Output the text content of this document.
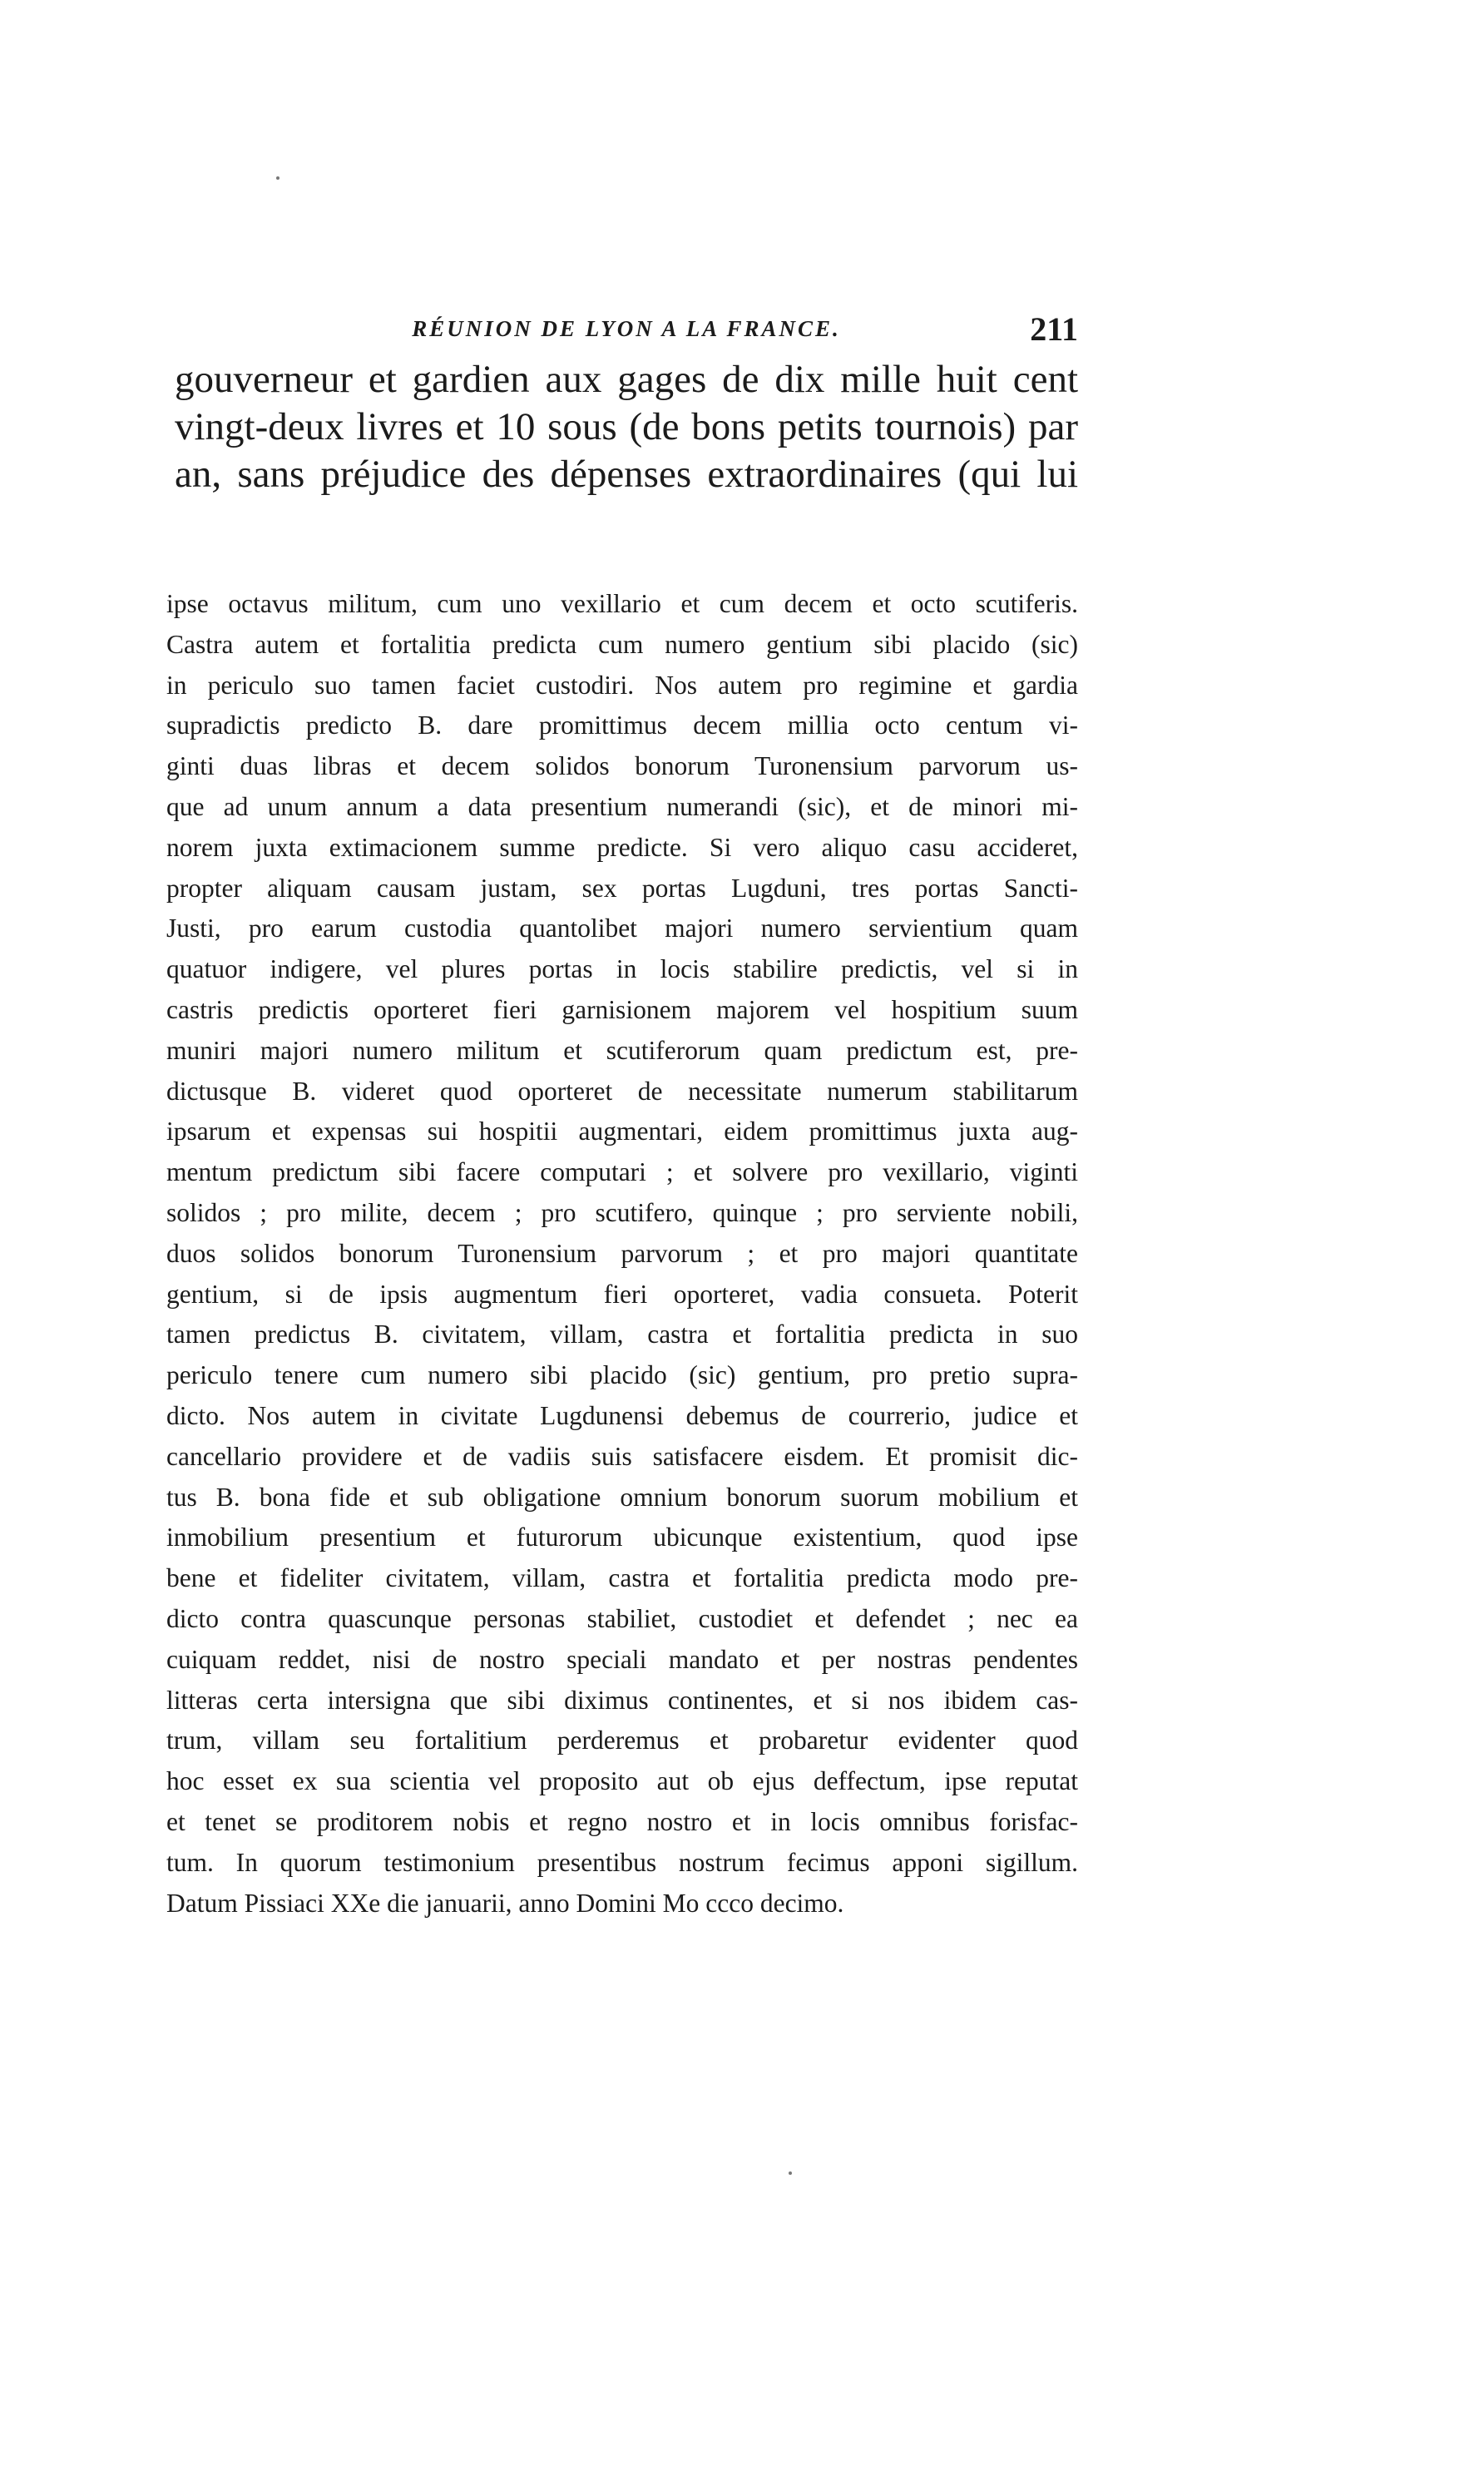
RÉUNION DE LYON A LA FRANCE.	211
gouverneur et gardien aux gages de dix mille huit cent
vingt-deux livres et 10 sous (de bons petits tournois) par
an, sans préjudice des dépenses extraordinaires (qui lui
ipse octavus militum, cum uno vexillario et cum decem et octo scutiferis.
Castra autem et fortalitia predicta cum numero gentium sibi placido (sic)
in periculo suo tamen faciet custodiri. Nos autem pro regimine et gardia
supradictis predicto B. dare promittimus decem millia octo centum vi-
ginti duas libras et decem solidos bonorum Turonensium parvorum us-
que ad unum annum a data presentium numerandi (sic), et de minori mi-
norem juxta extimacionem summe predicte. Si vero aliquo casu accideret,
propter aliquam causam justam, sex portas Lugduni, tres portas Sancti-
Justi, pro earum custodia quantolibet majori numero servientium quam
quatuor indigere, vel plures portas in locis stabilire predictis, vel si in
castris predictis oporteret fieri garnisionem majorem vel hospitium suum
muniri majori numero militum et scutiferorum quam predictum est, pre-
dictusque B. videret quod oporteret de necessitate numerum stabilitarum
ipsarum et expensas sui hospitii augmentari, eidem promittimus juxta aug-
mentum predictum sibi facere computari ; et solvere pro vexillario, viginti
solidos ; pro milite, decem ; pro scutifero, quinque ; pro serviente nobili,
duos solidos bonorum Turonensium parvorum ; et pro majori quantitate
gentium, si de ipsis augmentum fieri oporteret, vadia consueta. Poterit
tamen predictus B. civitatem, villam, castra et fortalitia predicta in suo
periculo tenere cum numero sibi placido (sic) gentium, pro pretio supra-
dicto. Nos autem in civitate Lugdunensi debemus de courrerio, judice et
cancellario providere et de vadiis suis satisfacere eisdem. Et promisit dic-
tus B. bona fide et sub obligatione omnium bonorum suorum mobilium et
inmobilium presentium et futurorum ubicunque existentium, quod ipse
bene et fideliter civitatem, villam, castra et fortalitia predicta modo pre-
dicto contra quascunque personas stabiliet, custodiet et defendet ; nec ea
cuiquam reddet, nisi de nostro speciali mandato et per nostras pendentes
litteras certa intersigna que sibi diximus continentes, et si nos ibidem cas-
trum, villam seu fortalitium perderemus et probaretur evidenter quod
hoc esset ex sua scientia vel proposito aut ob ejus deffectum, ipse reputat
et tenet se proditorem nobis et regno nostro et in locis omnibus forisfac-
tum. In quorum testimonium presentibus nostrum fecimus apponi sigillum.
Datum Pissiaci XXe die januarii, anno Domini Mo ccco decimo.
